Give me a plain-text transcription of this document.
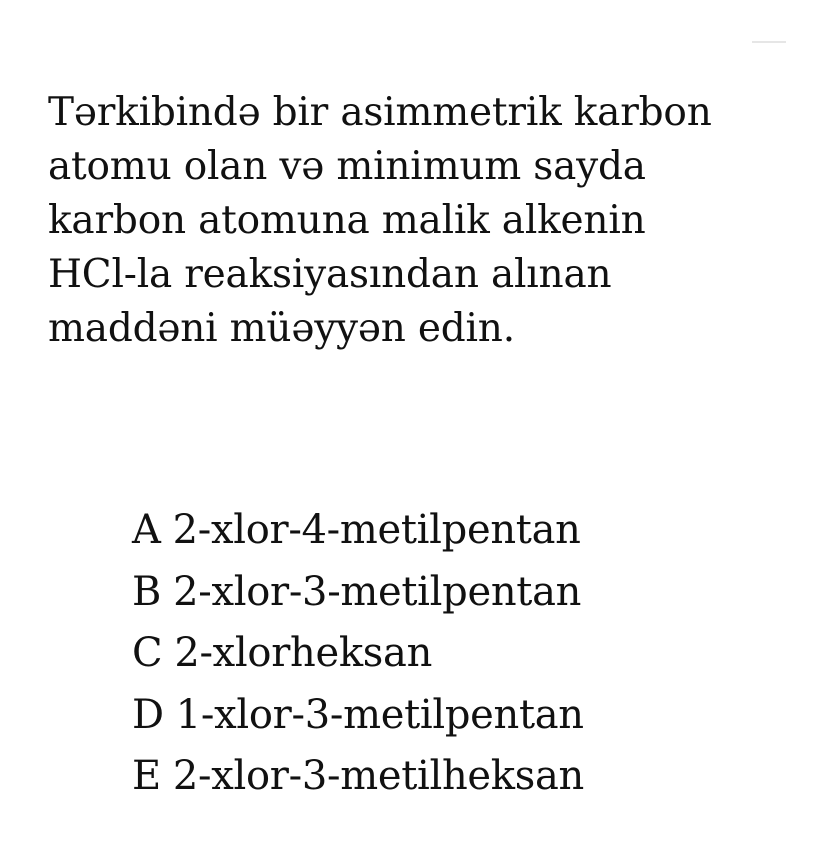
Tərkibində bir asimmetrik karbon
atomu olan və minimum sayda
karbon atomuna malik alkenin
HCl-la reaksiyasından alınan
maddəni müəyyən edin.
A 2-xlor-4-metilpentan
B 2-xlor-3-metilpentan
C 2-xlorheksan
D 1-xlor-3-metilpentan
E 2-xlor-3-metilheksan
